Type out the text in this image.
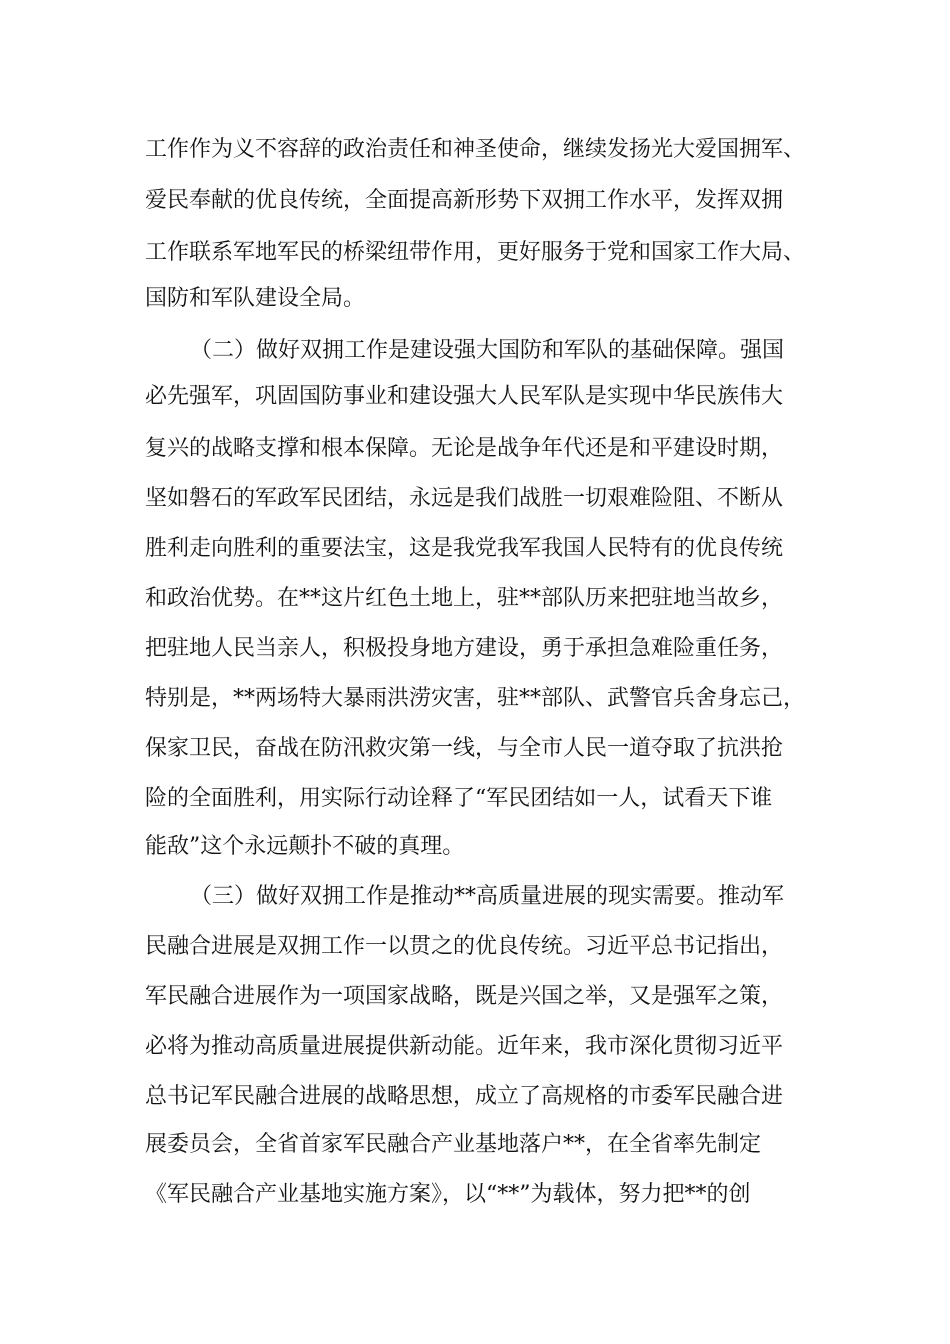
工作作为义不容辞的政治责任和神圣使命，继续发扬光大爱国拥军、
爱民奉献的优良传统，全面提高新形势下双拥工作水平，发挥双拥
工作联系军地军民的桥梁纽带作用，更好服务于党和国家工作大局、
国防和军队建设全局。
（二）做好双拥工作是建设强大国防和军队的基础保障。强国
必先强军，巩固国防事业和建设强大人民军队是实现中华民族伟大
复兴的战略支撑和根本保障。无论是战争年代还是和平建设时期，
坚如磐石的军政军民团结，永远是我们战胜一切艰难险阻、不断从
胜利走向胜利的重要法宝，这是我党我军我国人民特有的优良传统
和政治优势。在**这片红色土地上，驻**部队历来把驻地当故乡，
把驻地人民当亲人，积极投身地方建设，勇于承担急难险重任务，
特别是，**两场特大暴雨洪涝灾害，驻**部队、武警官兵舍身忘己，
保家卫民，奋战在防汛救灾第一线，与全市人民一道夺取了抗洪抢
险的全面胜利，用实际行动诠释了“军民团结如一人，试看天下谁
能敌”这个永远颠扑不破的真理。
（三）做好双拥工作是推动**高质量进展的现实需要。推动军
民融合进展是双拥工作一以贯之的优良传统。习近平总书记指出，
军民融合进展作为一项国家战略，既是兴国之举，又是强军之策，
必将为推动高质量进展提供新动能。近年来，我市深化贯彻习近平
总书记军民融合进展的战略思想，成立了高规格的市委军民融合进
展委员会，全省首家军民融合产业基地落户**，在全省率先制定
《军民融合产业基地实施方案》，以“**”为载体，努力把**的创
